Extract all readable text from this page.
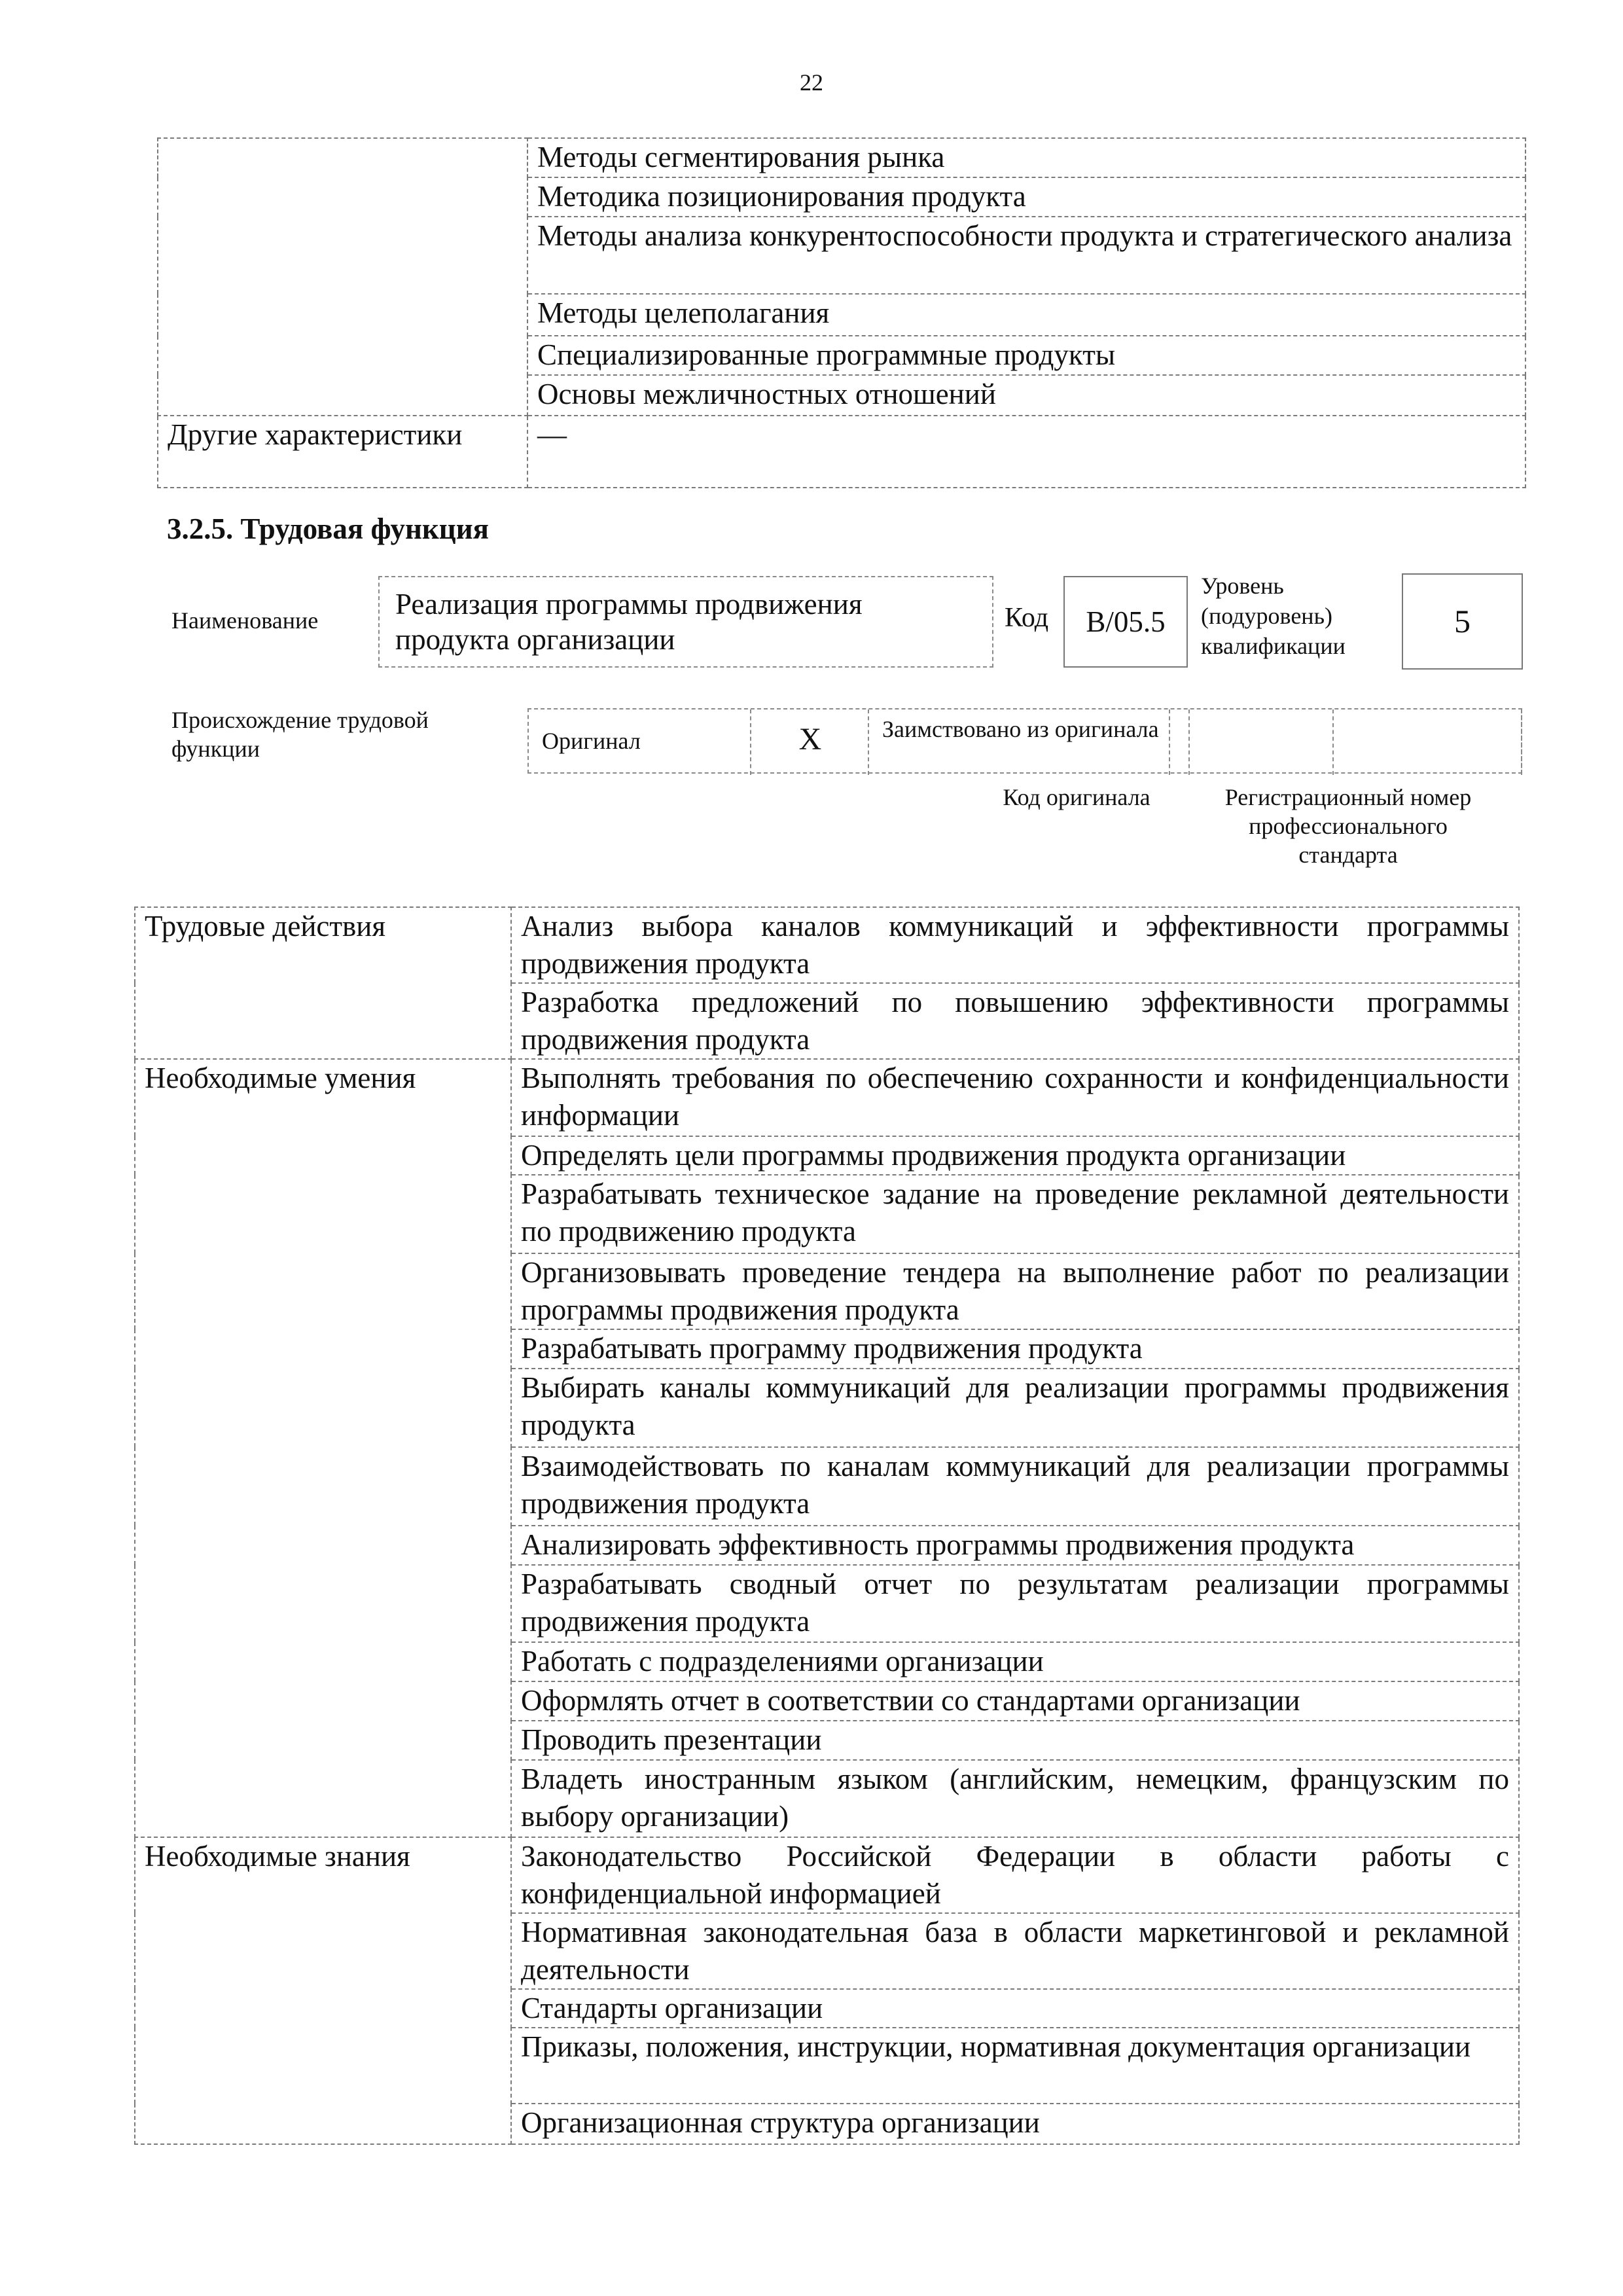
22
	Методы сегментирования рынка
	Методика позиционирования продукта
	Методы анализа конкурентоспособности продукта и стратегического анализа
	Методы целеполагания
	Специализированные программные продукты
	Основы межличностных отношений
Другие характеристики	—
3.2.5. Трудовая функция
Наименование	Реализация программы продвижения продукта организации
Код	B/05.5
Уровень (подуровень) квалификации
5
Происхождение трудовой функции	Оригинал	X	Заимствовано из оригинала
Код оригинала	Регистрационный номер профессионального стандарта
Трудовые действия	Анализ выбора каналов коммуникаций и эффективности программы продвижения продукта
	Разработка предложений по повышению эффективности программы продвижения продукта
Необходимые умения	Выполнять требования по обеспечению сохранности и конфиденциальности информации
	Определять цели программы продвижения продукта организации
	Разрабатывать техническое задание на проведение рекламной деятельности по продвижению продукта
	Организовывать проведение тендера на выполнение работ по реализации программы продвижения продукта
	Разрабатывать программу продвижения продукта
	Выбирать каналы коммуникаций для реализации программы продвижения продукта
	Взаимодействовать по каналам коммуникаций для реализации программы продвижения продукта
	Анализировать эффективность программы продвижения продукта
	Разрабатывать сводный отчет по результатам реализации программы продвижения продукта
	Работать с подразделениями организации
	Оформлять отчет в соответствии со стандартами организации
	Проводить презентации
	Владеть иностранным языком (английским, немецким, французским по выбору организации)
Необходимые знания	Законодательство Российской Федерации в области работы с конфиденциальной информацией
	Нормативная законодательная база в области маркетинговой и рекламной деятельности
	Стандарты организации
	Приказы, положения, инструкции, нормативная документация организации
	Организационная структура организации
